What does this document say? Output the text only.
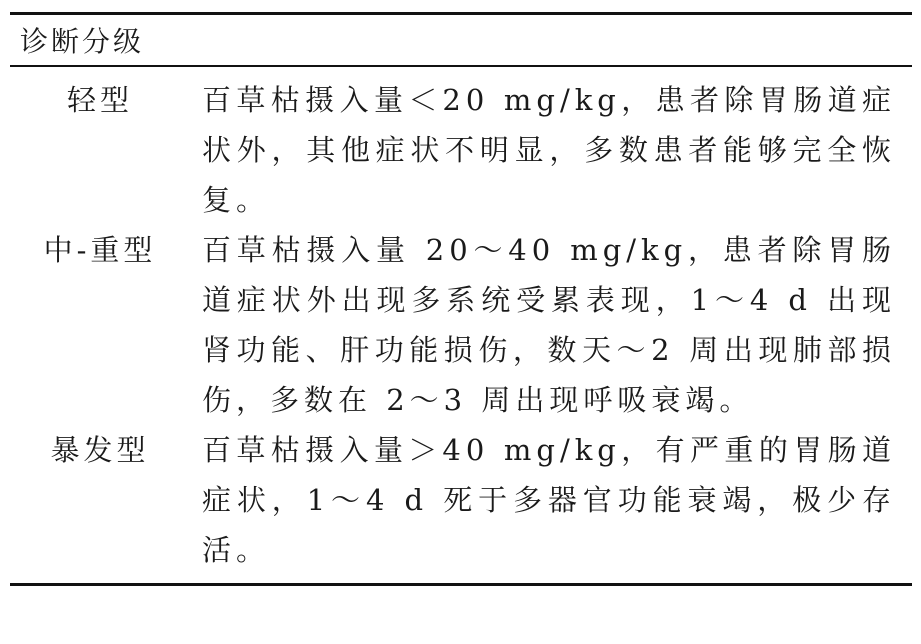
诊断分级
轻型	百草枯摄入量＜20 mg/kg，患者除胃肠道症状外，其他症状不明显，多数患者能够完全恢复。
中-重型	百草枯摄入量 20～40 mg/kg，患者除胃肠道症状外出现多系统受累表现，1～4 d 出现肾功能、肝功能损伤，数天～2 周出现肺部损伤，多数在 2～3 周出现呼吸衰竭。
暴发型	百草枯摄入量＞40 mg/kg，有严重的胃肠道症状，1～4 d 死于多器官功能衰竭，极少存活。
